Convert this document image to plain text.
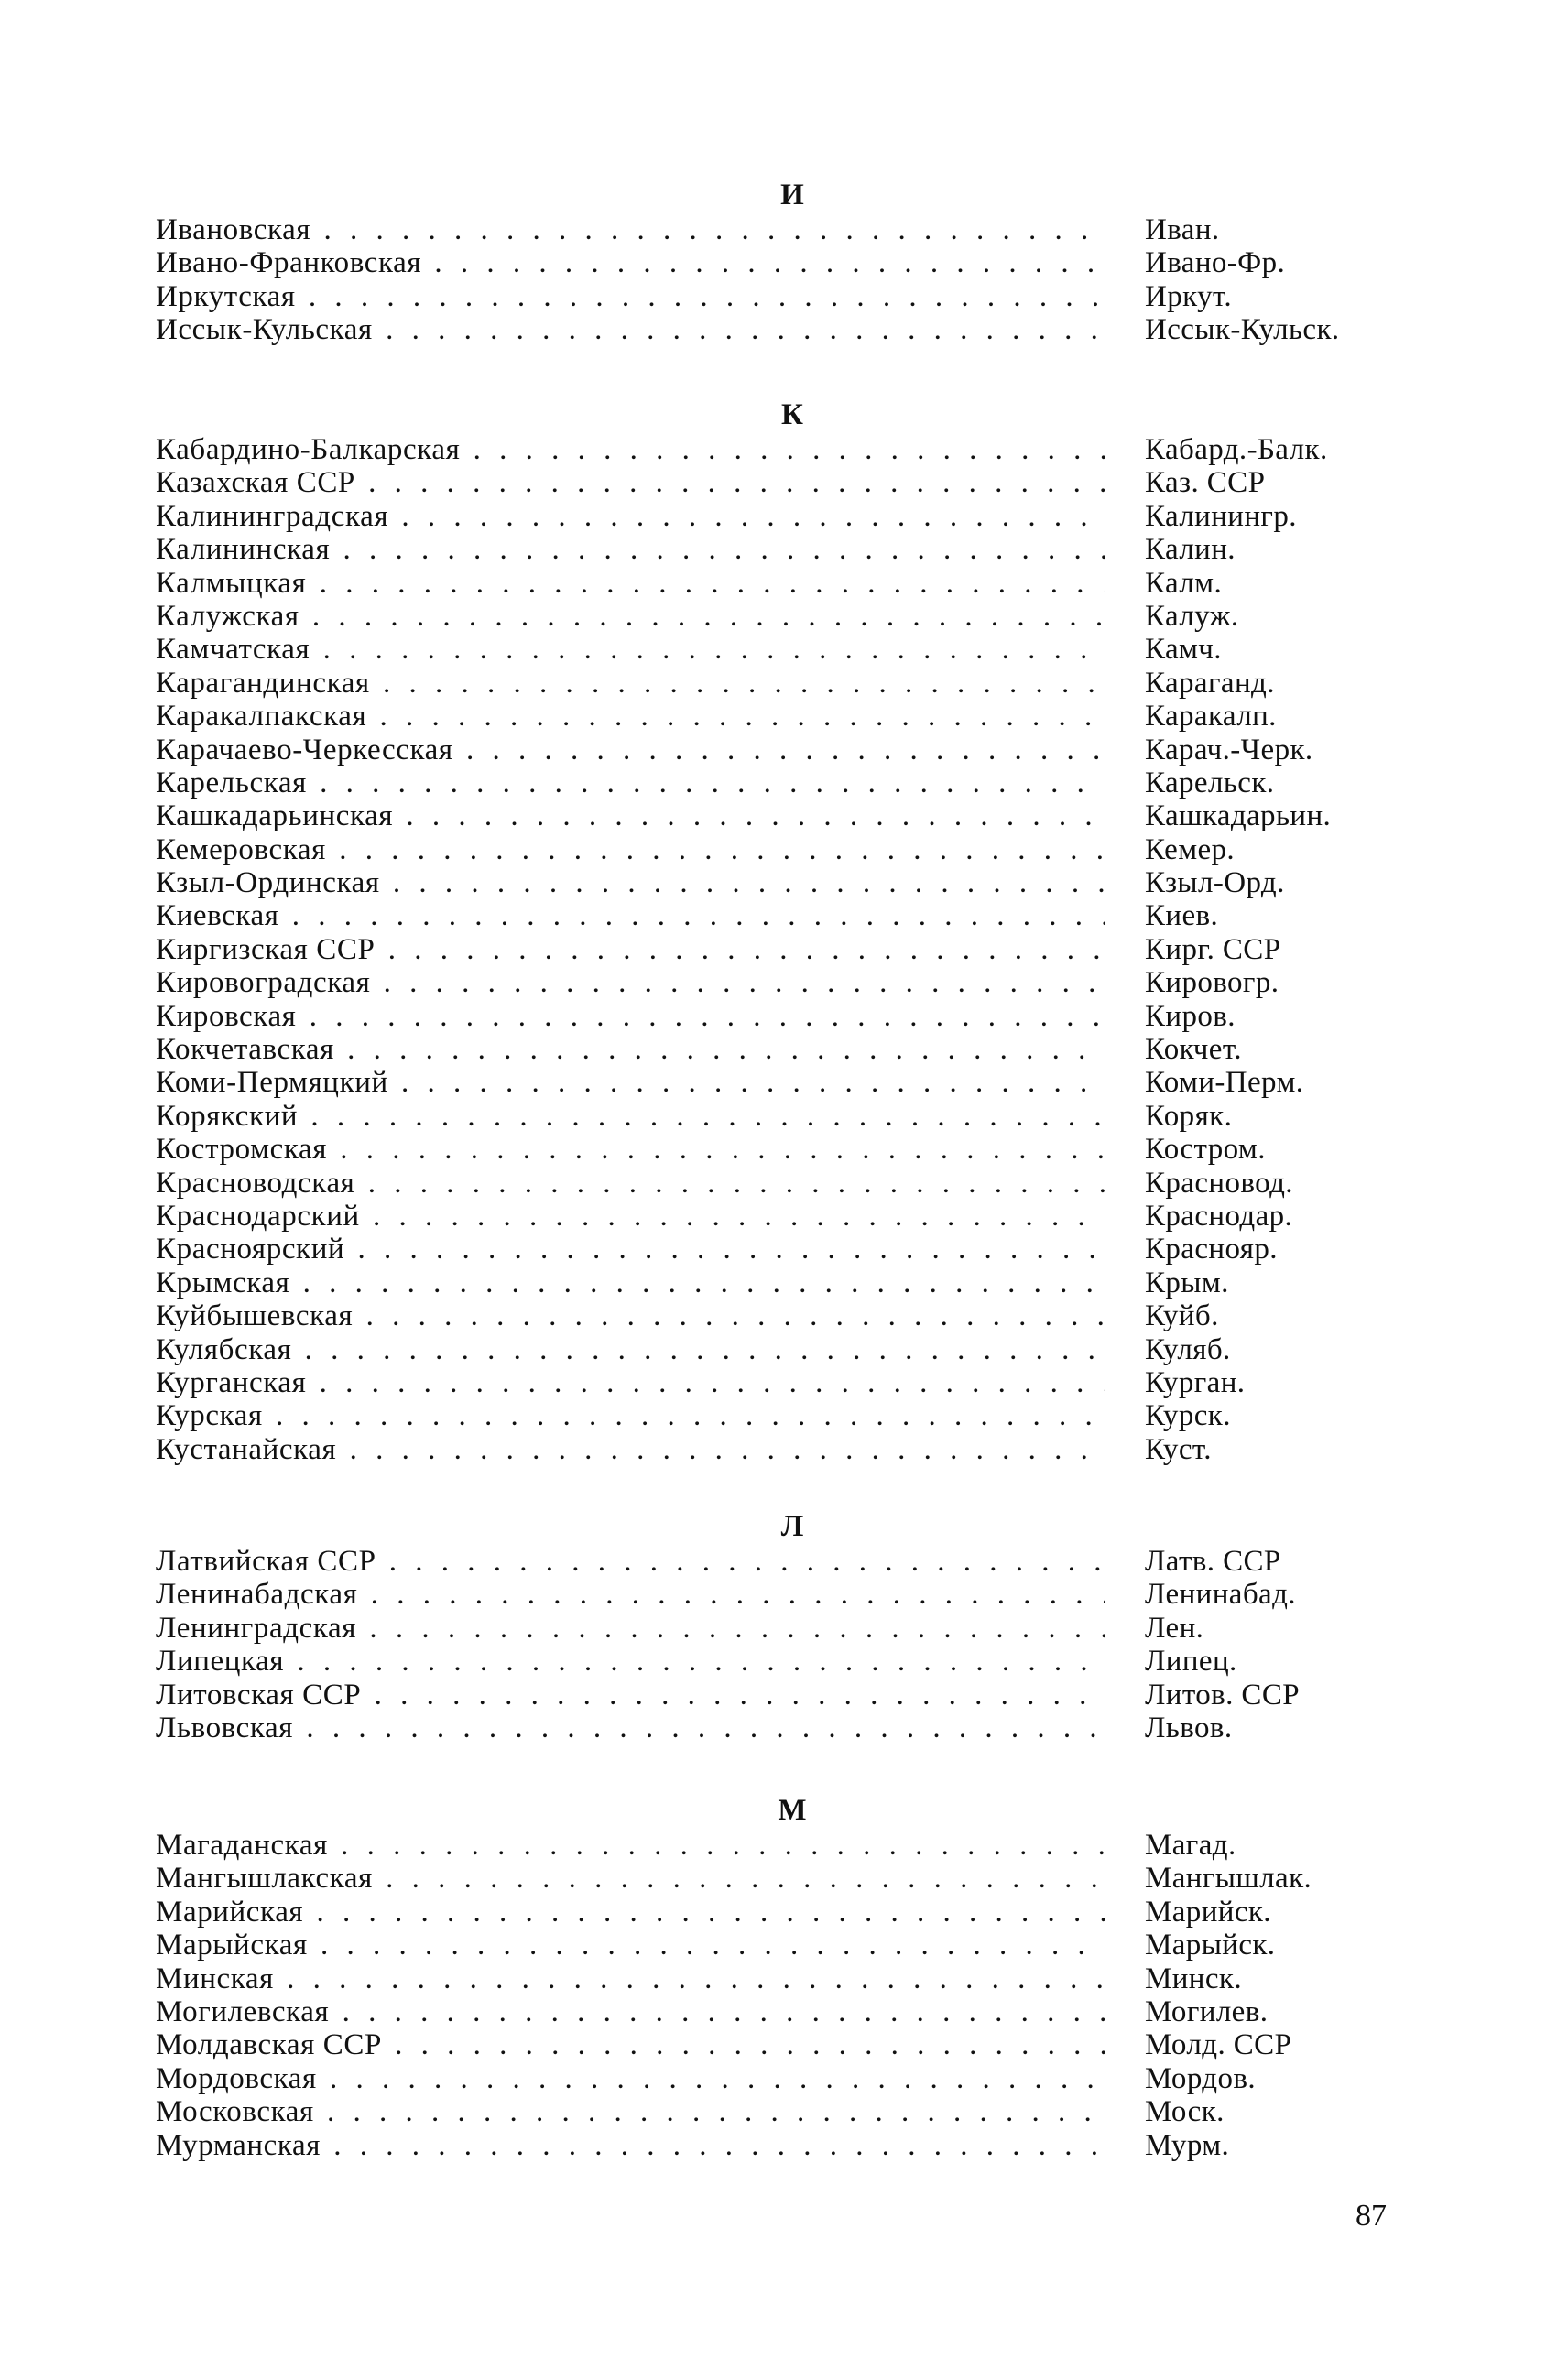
И
Ивановская . . .	Иван.
Ивано-Франковская . . .	Ивано-Фр.
Иркутская . . .	Иркут.
Иссык-Кульская . . .	Иссык-Кульск.
К
Кабардино-Балкарская . . .	Кабард.-Балк.
Казахская ССР . . .	Каз. ССР
Калининградская . . .	Калинингр.
Калининская . . .	Калин.
Калмыцкая . . .	Калм.
Калужская . . .	Калуж.
Камчатская . . .	Камч.
Карагандинская . . .	Караганд.
Каракалпакская . . .	Каракалп.
Карачаево-Черкесская . . .	Карач.-Черк.
Карельская . . .	Карельск.
Кашкадарьинская . . .	Кашкадарьин.
Кемеровская . . .	Кемер.
Кзыл-Ординская . . .	Кзыл-Орд.
Киевская . . .	Киев.
Киргизская ССР . . .	Кирг. ССР
Кировоградская . . .	Кировогр.
Кировская . . .	Киров.
Кокчетавская . . .	Кокчет.
Коми-Пермяцкий . . .	Коми-Перм.
Корякский . . .	Коряк.
Костромская . . .	Костром.
Красноводская . . .	Красновод.
Краснодарский . . .	Краснодар.
Красноярский . . .	Краснояр.
Крымская . . .	Крым.
Куйбышевская . . .	Куйб.
Кулябская . . .	Куляб.
Курганская . . .	Курган.
Курская . . .	Курск.
Кустанайская . . .	Куст.
Л
Латвийская ССР . . .	Латв. ССР
Ленинабадская . . .	Ленинабад.
Ленинградская . . .	Лен.
Липецкая . . .	Липец.
Литовская ССР . . .	Литов. ССР
Львовская . . .	Львов.
М
Магаданская . . .	Магад.
Мангышлакская . . .	Мангышлак.
Марийская . . .	Марийск.
Марыйская . . .	Марыйск.
Минская . . .	Минск.
Могилевская . . .	Могилев.
Молдавская ССР . . .	Молд. ССР
Мордовская . . .	Мордов.
Московская . . .	Моск.
Мурманская . . .	Мурм.
87
